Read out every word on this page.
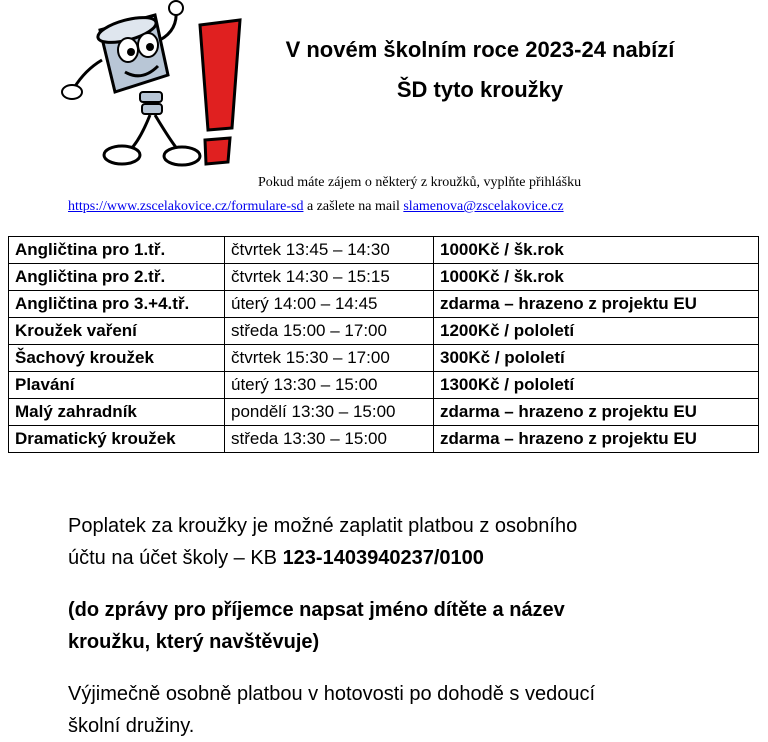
V novém školním roce 2023-24 nabízí
ŠD tyto kroužky
Pokud máte zájem o některý z kroužků, vyplňte přihlášku
https://www.zscelakovice.cz/formulare-sd a zašlete na mail slamenova@zscelakovice.cz
Angličtina pro 1.tř.	čtvrtek 13:45 – 14:30	1000Kč / šk.rok
Angličtina pro 2.tř.	čtvrtek 14:30 – 15:15	1000Kč / šk.rok
Angličtina pro 3.+4.tř.	úterý 14:00 – 14:45	zdarma – hrazeno z projektu EU
Kroužek vaření	středa 15:00 – 17:00	1200Kč / pololetí
Šachový kroužek	čtvrtek 15:30 – 17:00	300Kč / pololetí
Plavání	úterý 13:30 – 15:00	1300Kč / pololetí
Malý zahradník	pondělí 13:30 – 15:00	zdarma – hrazeno z projektu EU
Dramatický kroužek	středa 13:30 – 15:00	zdarma – hrazeno z projektu EU
Poplatek za kroužky je možné zaplatit platbou z osobního
účtu na účet školy – KB 123-1403940237/0100
(do zprávy pro příjemce napsat jméno dítěte a název
kroužku, který navštěvuje)
Výjimečně osobně platbou v hotovosti po dohodě s vedoucí
školní družiny.
